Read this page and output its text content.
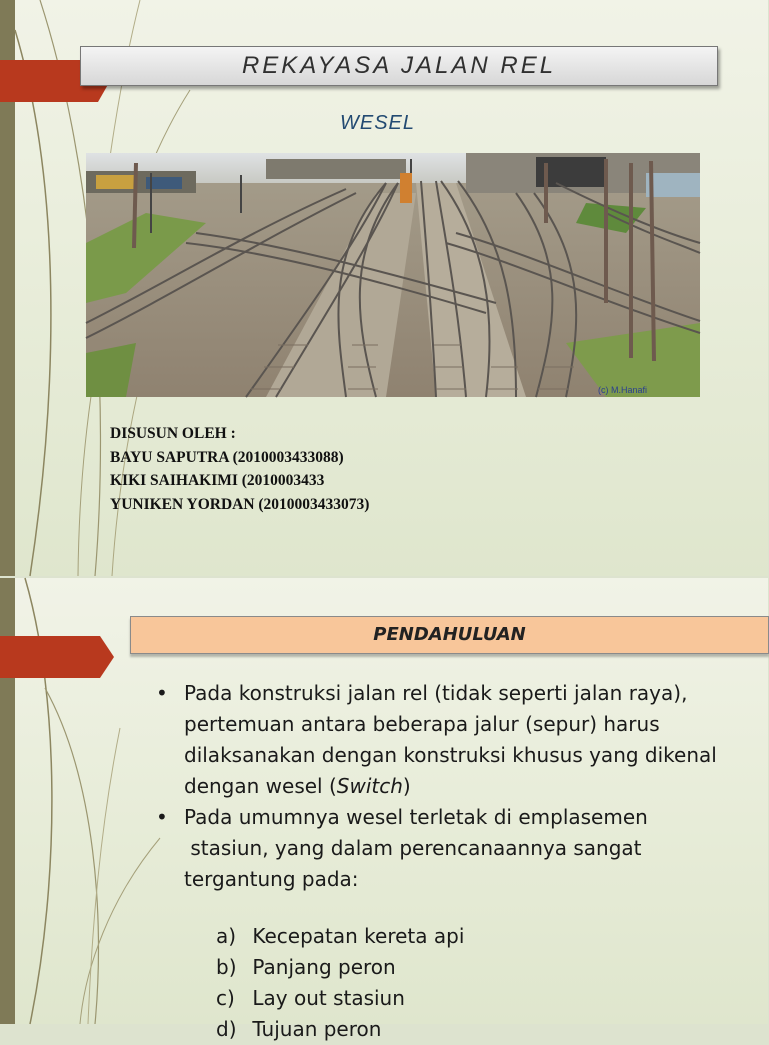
REKAYASA JALAN REL
WESEL
(c) M.Hanafi
DISUSUN OLEH :
BAYU SAPUTRA (2010003433088)
KIKI SAIHAKIMI (2010003433
YUNIKEN YORDAN (2010003433073)
PENDAHULUAN
• Pada konstruksi jalan rel (tidak seperti jalan raya),
pertemuan antara beberapa jalur (sepur) harus
dilaksanakan dengan konstruksi khusus yang dikenal
dengan wesel (Switch)
• Pada umumnya wesel terletak di emplasemen
stasiun, yang dalam perencanaannya sangat
tergantung pada:
a) Kecepatan kereta api
b) Panjang peron
c) Lay out stasiun
d) Tujuan peron
